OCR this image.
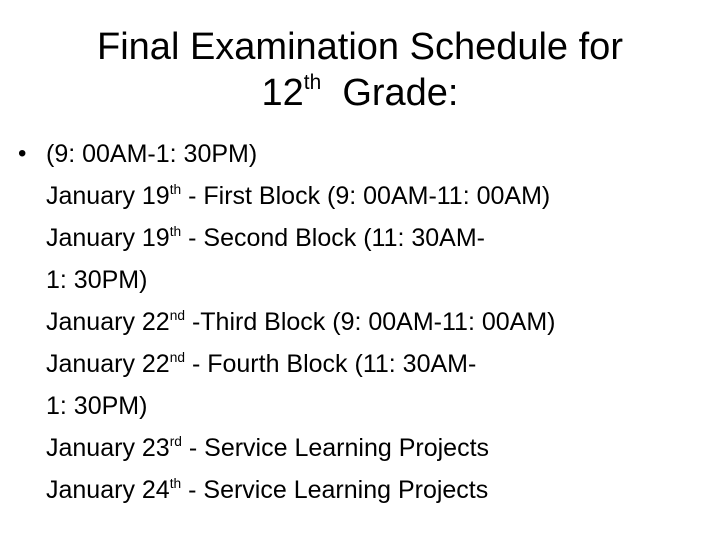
Final Examination Schedule for
12th  Grade:
• (9: 00AM-1: 30PM)
January 19th - First Block (9: 00AM-11: 00AM)
January 19th - Second Block (11: 30AM-
1: 30PM)
January 22nd -Third Block (9: 00AM-11: 00AM)
January 22nd - Fourth Block (11: 30AM-
1: 30PM)
January 23rd - Service Learning Projects
January 24th - Service Learning Projects
